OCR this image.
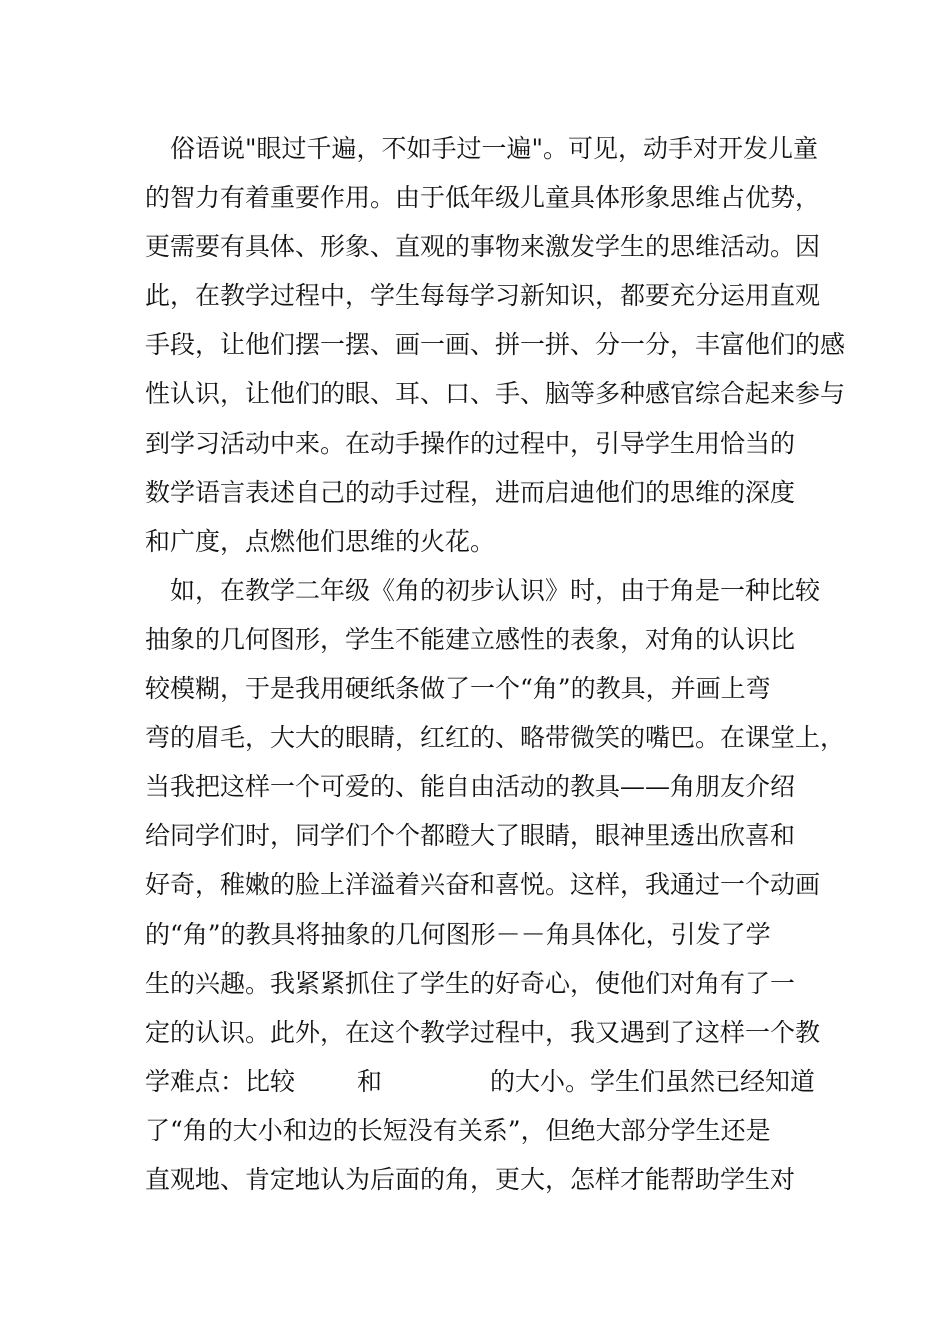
俗语说"眼过千遍，不如手过一遍"。可见，动手对开发儿童
的智力有着重要作用。由于低年级儿童具体形象思维占优势，
更需要有具体、形象、直观的事物来激发学生的思维活动。因
此，在教学过程中，学生每每学习新知识，都要充分运用直观
手段，让他们摆一摆、画一画、拼一拼、分一分，丰富他们的感
性认识，让他们的眼、耳、口、手、脑等多种感官综合起来参与
到学习活动中来。在动手操作的过程中，引导学生用恰当的
数学语言表述自己的动手过程，进而启迪他们的思维的深度
和广度，点燃他们思维的火花。
如，在教学二年级《角的初步认识》时，由于角是一种比较
抽象的几何图形，学生不能建立感性的表象，对角的认识比
较模糊，于是我用硬纸条做了一个“角”的教具，并画上弯
弯的眉毛，大大的眼睛，红红的、略带微笑的嘴巴。在课堂上，
当我把这样一个可爱的、能自由活动的教具——角朋友介绍
给同学们时，同学们个个都瞪大了眼睛，眼神里透出欣喜和
好奇，稚嫩的脸上洋溢着兴奋和喜悦。这样，我通过一个动画
的“角”的教具将抽象的几何图形－－角具体化，引发了学
生的兴趣。我紧紧抓住了学生的好奇心，使他们对角有了一
定的认识。此外，在这个教学过程中，我又遇到了这样一个教
学难点：比较 和	的大小。学生们虽然已经知道
了“角的大小和边的长短没有关系”，但绝大部分学生还是
直观地、肯定地认为后面的角，更大，怎样才能帮助学生对
